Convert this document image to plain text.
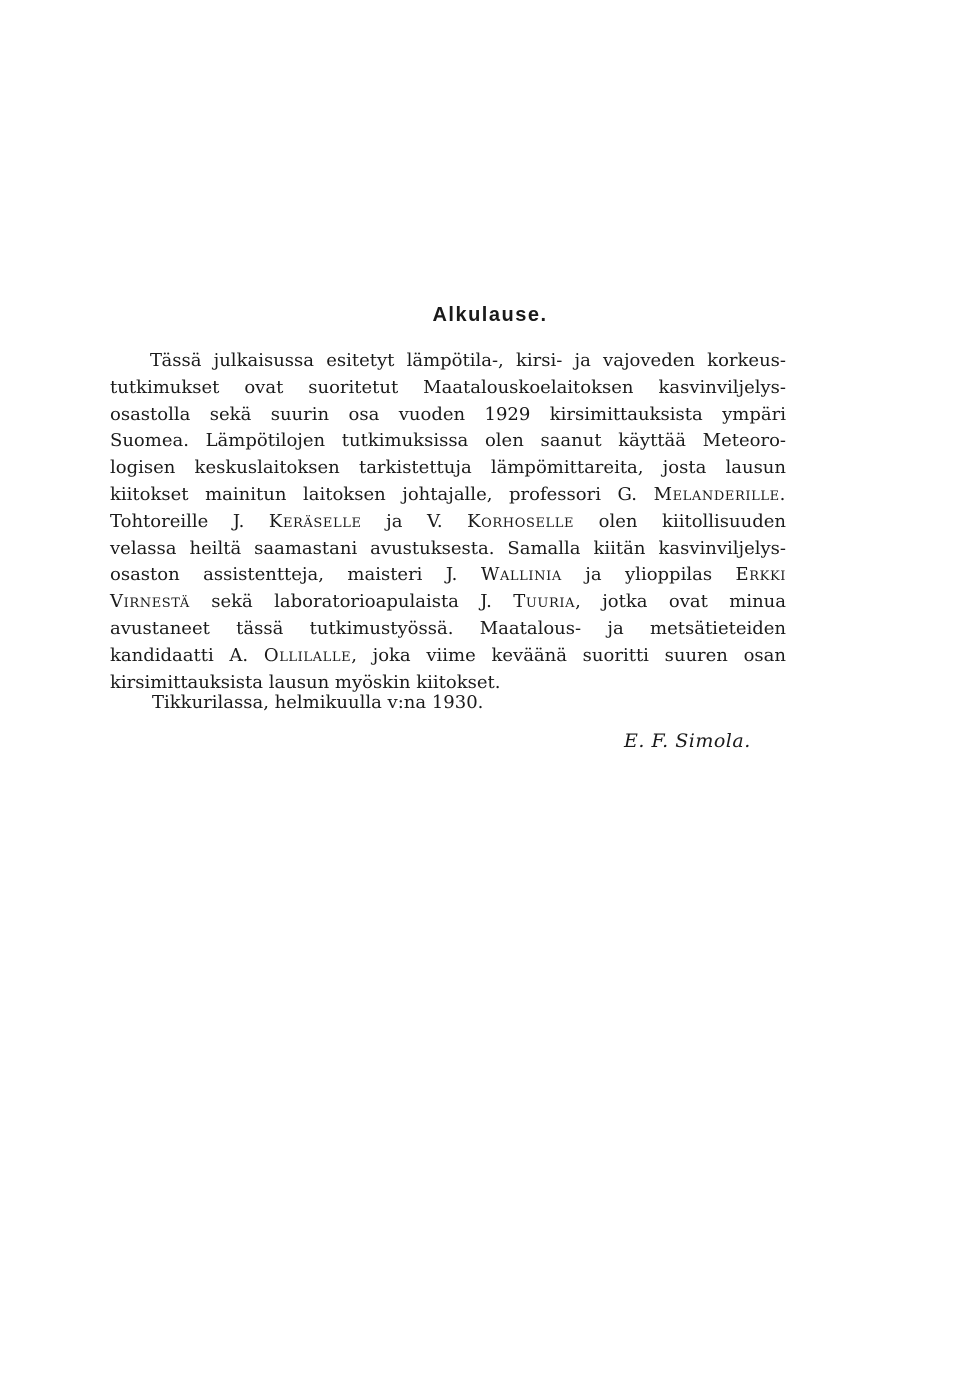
Alkulause.
Tässä julkaisussa esitetyt lämpötila-, kirsi- ja vajoveden korkeus-
tutkimukset ovat suoritetut Maatalouskoelaitoksen kasvinviljelys-
osastolla sekä suurin osa vuoden 1929 kirsimittauksista ympäri
Suomea. Lämpötilojen tutkimuksissa olen saanut käyttää Meteoro-
logisen keskuslaitoksen tarkistettuja lämpömittareita, josta lausun
kiitokset mainitun laitoksen johtajalle, professori G. Melanderille.
Tohtoreille J. Keräselle ja V. Korhoselle olen kiitollisuuden
velassa heiltä saamastani avustuksesta. Samalla kiitän kasvinviljelys-
osaston assistentteja, maisteri J. Wallinia ja ylioppilas Erkki
Virnestä sekä laboratorioapulaista J. Tuuria, jotka ovat minua
avustaneet tässä tutkimustyössä. Maatalous- ja metsätieteiden
kandidaatti A. Ollilalle, joka viime keväänä suoritti suuren osan
kirsimittauksista lausun myöskin kiitokset.
Tikkurilassa, helmikuulla v:na 1930.
E. F. Simola.
